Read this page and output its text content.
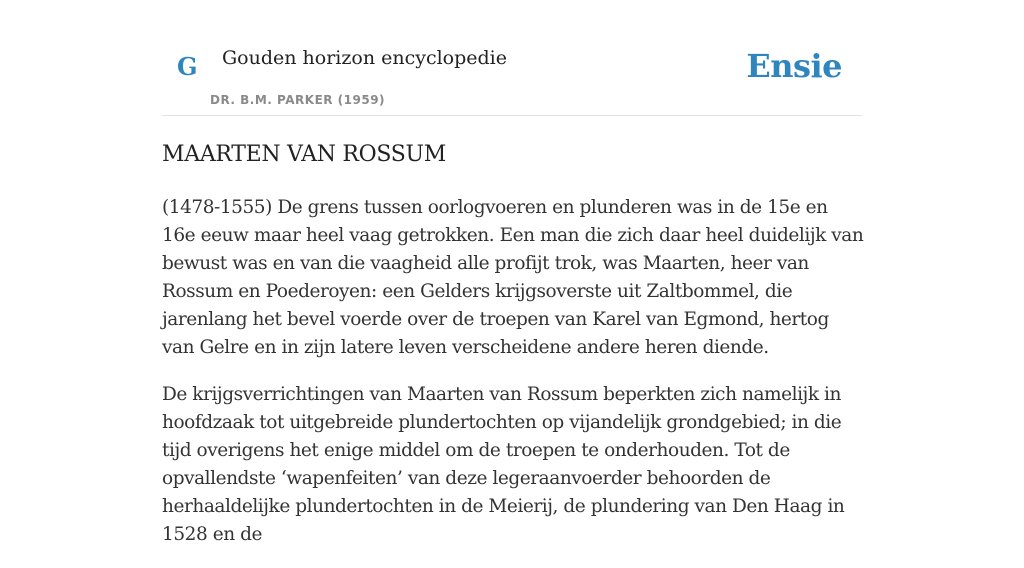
G Gouden horizon encyclopedie
DR. B.M. PARKER (1959)
Ensie
MAARTEN VAN ROSSUM

(1478-1555) De grens tussen oorlogvoeren en plunderen was in de 15e en 16e eeuw maar heel vaag getrokken. Een man die zich daar heel duidelijk van bewust was en van die vaagheid alle profijt trok, was Maarten, heer van Rossum en Poederoyen: een Gelders krijgsoverste uit Zaltbommel, die jarenlang het bevel voerde over de troepen van Karel van Egmond, hertog van Gelre en in zijn latere leven verscheidene andere heren diende.

De krijgsverrichtingen van Maarten van Rossum beperkten zich namelijk in hoofdzaak tot uitgebreide plundertochten op vijandelijk grondgebied; in die tijd overigens het enige middel om de troepen te onderhouden. Tot de opvallendste ‘wapenfeiten’ van deze legeraanvoerder behoorden de herhaaldelijke plundertochten in de Meierij, de plundering van Den Haag in 1528 en de
